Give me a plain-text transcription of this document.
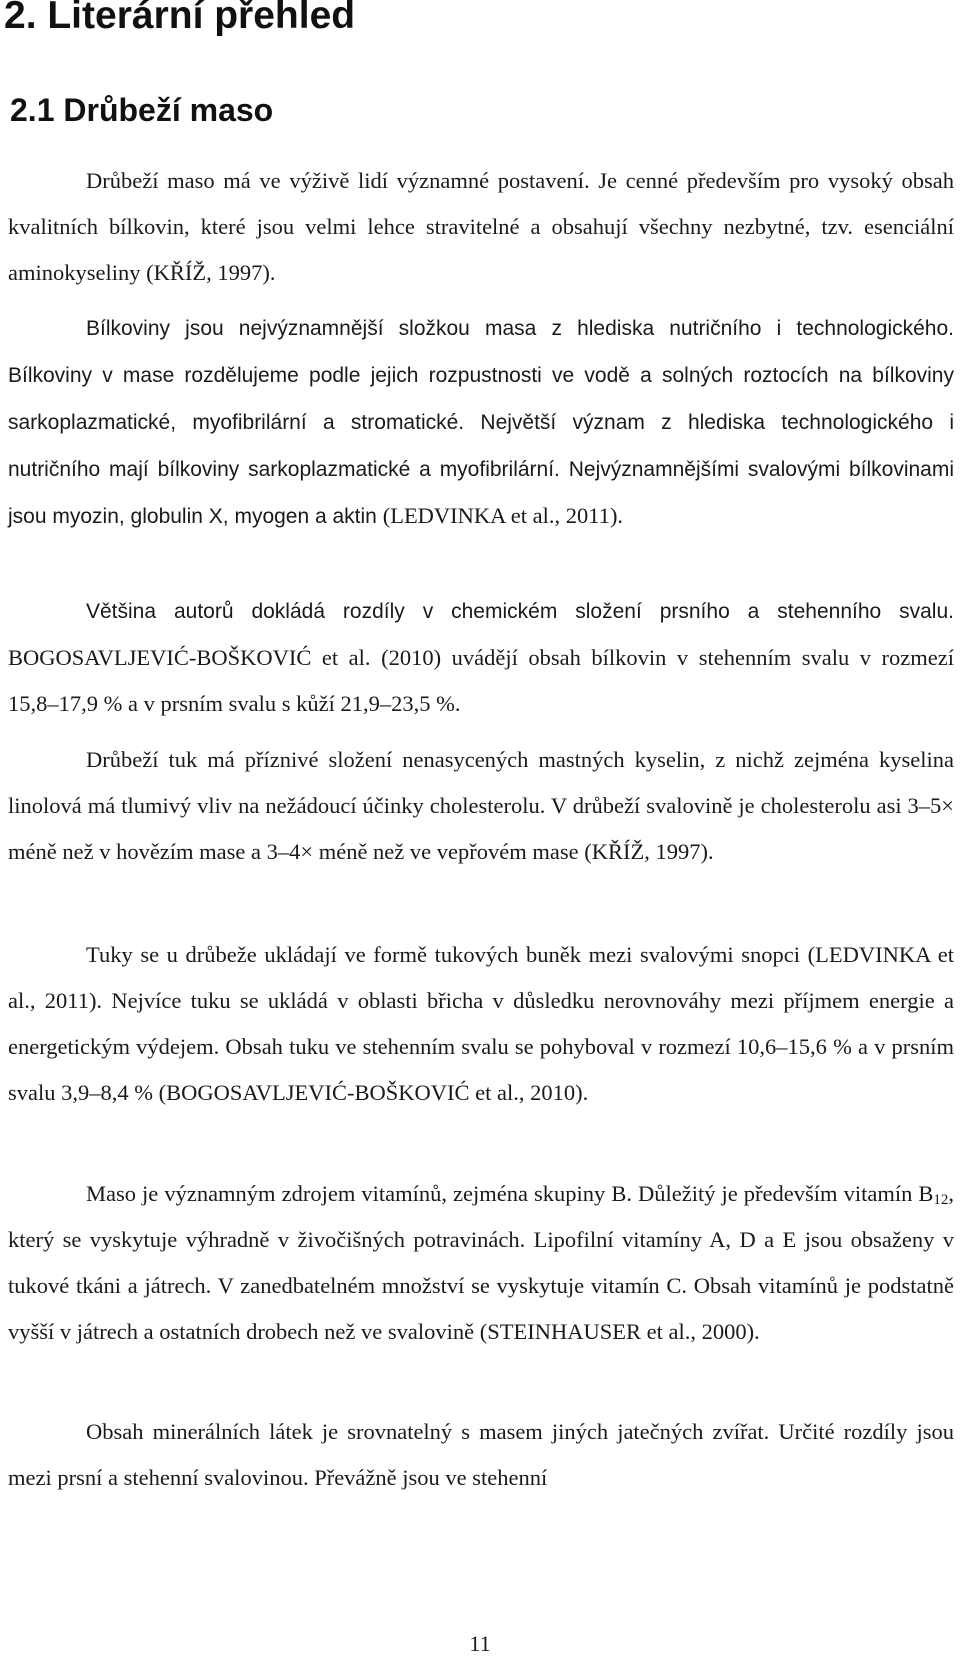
2. Literární přehled
2.1 Drůbeží maso

Drůbeží maso má ve výživě lidí významné postavení. Je cenné především pro vysoký obsah kvalitních bílkovin, které jsou velmi lehce stravitelné a obsahují všechny nezbytné, tzv. esenciální aminokyseliny (KŘÍŽ, 1997).

Bílkoviny jsou nejvýznamnější složkou masa z hlediska nutričního i technologického. Bílkoviny v mase rozdělujeme podle jejich rozpustnosti ve vodě a solných roztocích na bílkoviny sarkoplazmatické, myofibrilární a stromatické. Největší význam z hlediska technologického i nutričního mají bílkoviny sarkoplazmatické a myofibrilární. Nejvýznamnějšími svalovými bílkovinami jsou myozin, globulin X, myogen a aktin (LEDVINKA et al., 2011).

Většina autorů dokládá rozdíly v chemickém složení prsního a stehenního svalu. BOGOSAVLJEVIĆ-BOŠKOVIĆ et al. (2010) uvádějí obsah bílkovin v stehenním svalu v rozmezí 15,8–17,9 % a v prsním svalu s kůží 21,9–23,5 %.

Drůbeží tuk má příznivé složení nenasycených mastných kyselin, z nichž zejména kyselina linolová má tlumivý vliv na nežádoucí účinky cholesterolu. V drůbeží svalovině je cholesterolu asi 3–5× méně než v hovězím mase a 3–4× méně než ve vepřovém mase (KŘÍŽ, 1997).

Tuky se u drůbeže ukládají ve formě tukových buněk mezi svalovými snopci (LEDVINKA et al., 2011). Nejvíce tuku se ukládá v oblasti břicha v důsledku nerovnováhy mezi příjmem energie a energetickým výdejem. Obsah tuku ve stehenním svalu se pohyboval v rozmezí 10,6–15,6 % a v prsním svalu 3,9–8,4 % (BOGOSAVLJEVIĆ-BOŠKOVIĆ et al., 2010).

Maso je významným zdrojem vitamínů, zejména skupiny B. Důležitý je především vitamín $B_{12}$, který se vyskytuje výhradně v živočišných potravinách. Lipofilní vitamíny A, D a E jsou obsaženy v tukové tkáni a játrech. V zanedbatelném množství se vyskytuje vitamín C. Obsah vitamínů je podstatně vyšší v játrech a ostatních drobech než ve svalovině (STEINHAUSER et al., 2000).

Obsah minerálních látek je srovnatelný s masem jiných jatečných zvířat. Určité rozdíly jsou mezi prsní a stehenní svalovinou. Převážně jsou ve stehenní

11
